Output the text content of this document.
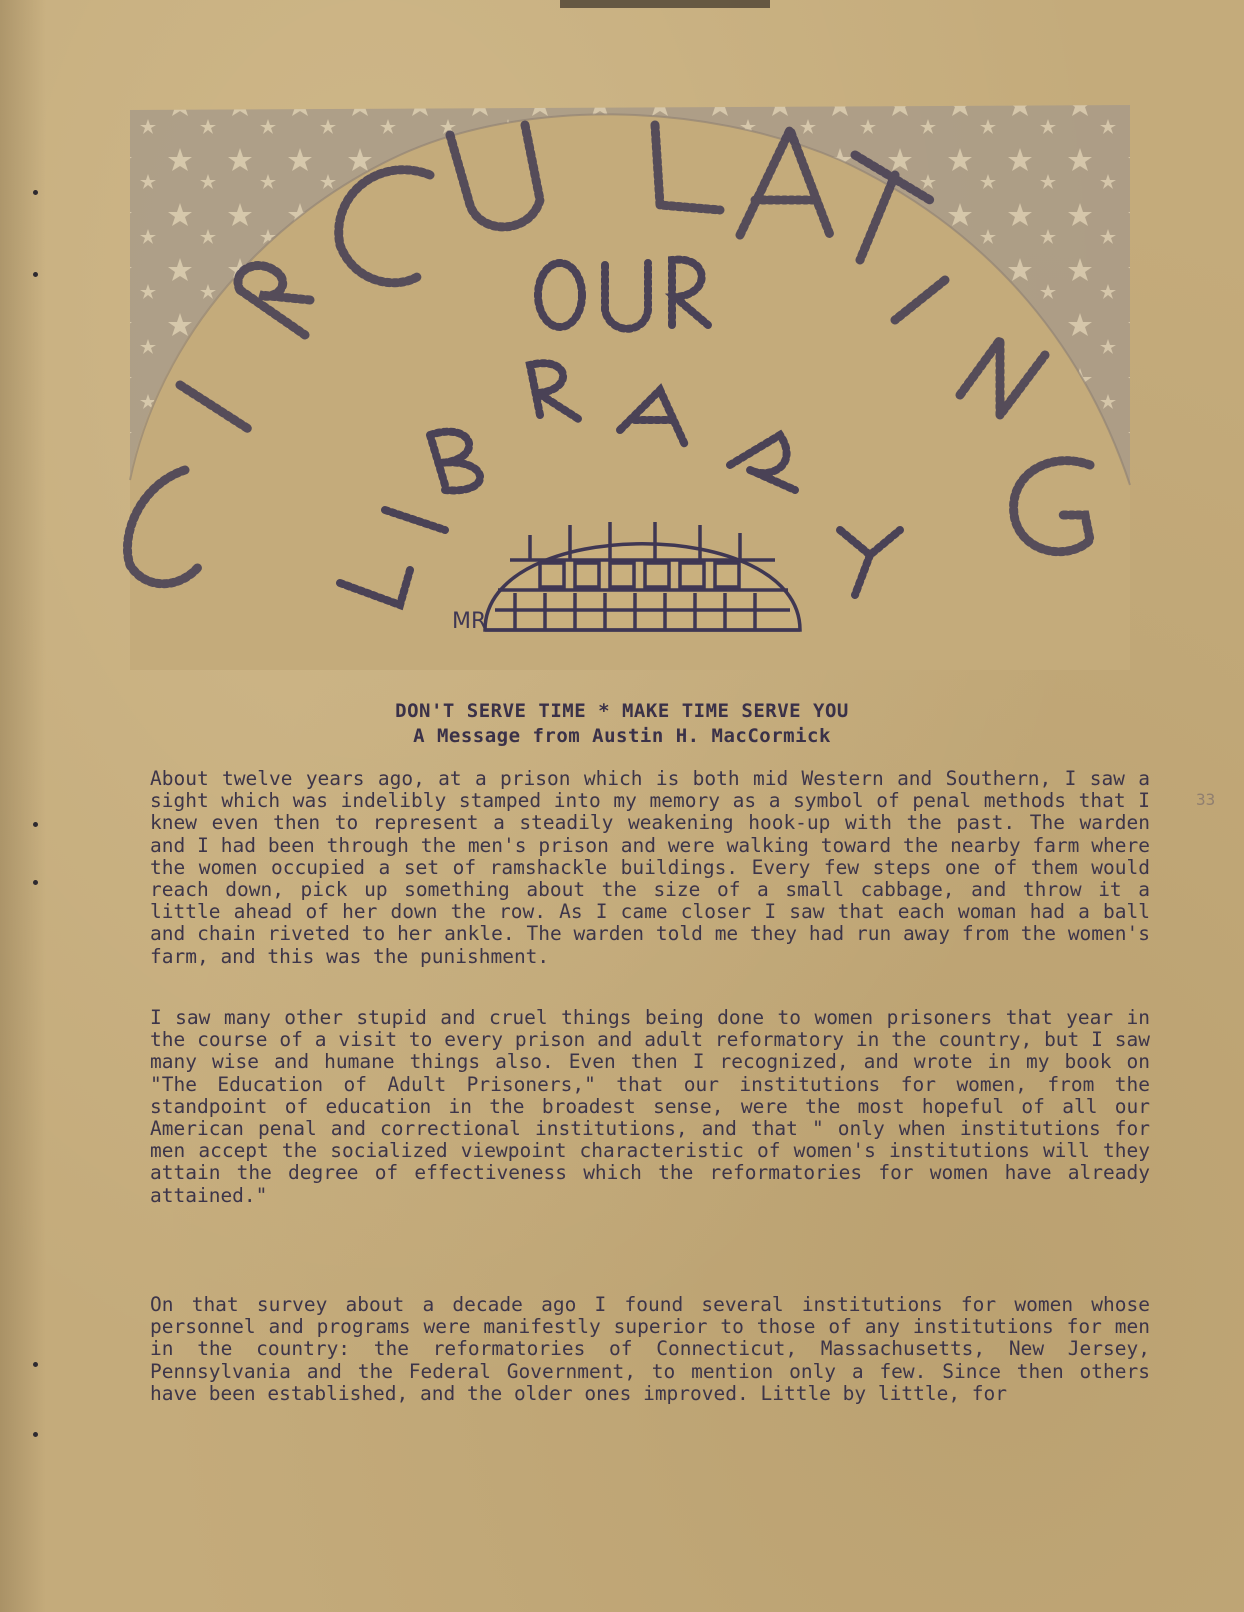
MR
DON'T SERVE TIME * MAKE TIME SERVE YOU
A Message from Austin H. MacCormick

About twelve years ago, at a prison which is both mid Western and Southern, I saw a sight which was indelibly stamped into my memory as a symbol of penal methods that I knew even then to represent a steadily weakening hook-up with the past. The warden and I had been through the men's prison and were walking toward the nearby farm where the women occupied a set of ramshackle buildings. Every few steps one of them would reach down, pick up something about the size of a small cabbage, and throw it a little ahead of her down the row. As I came closer I saw that each woman had a ball and chain riveted to her ankle. The warden told me they had run away from the women's farm, and this was the punishment.

I saw many other stupid and cruel things being done to women prisoners that year in the course of a visit to every prison and adult reformatory in the country, but I saw many wise and humane things also. Even then I recognized, and wrote in my book on "The Education of Adult Prisoners," that our institutions for women, from the standpoint of education in the broadest sense, were the most hopeful of all our American penal and correctional institutions, and that " only when institutions for men accept the socialized viewpoint characteristic of women's institutions will they attain the degree of effectiveness which the reformatories for women have already attained."

On that survey about a decade ago I found several institutions for women whose personnel and programs were manifestly superior to those of any institutions for men in the country: the reformatories of Connecticut, Massachusetts, New Jersey, Pennsylvania and the Federal Government, to mention only a few. Since then others have been established, and the older ones improved. Little by little, for

33
